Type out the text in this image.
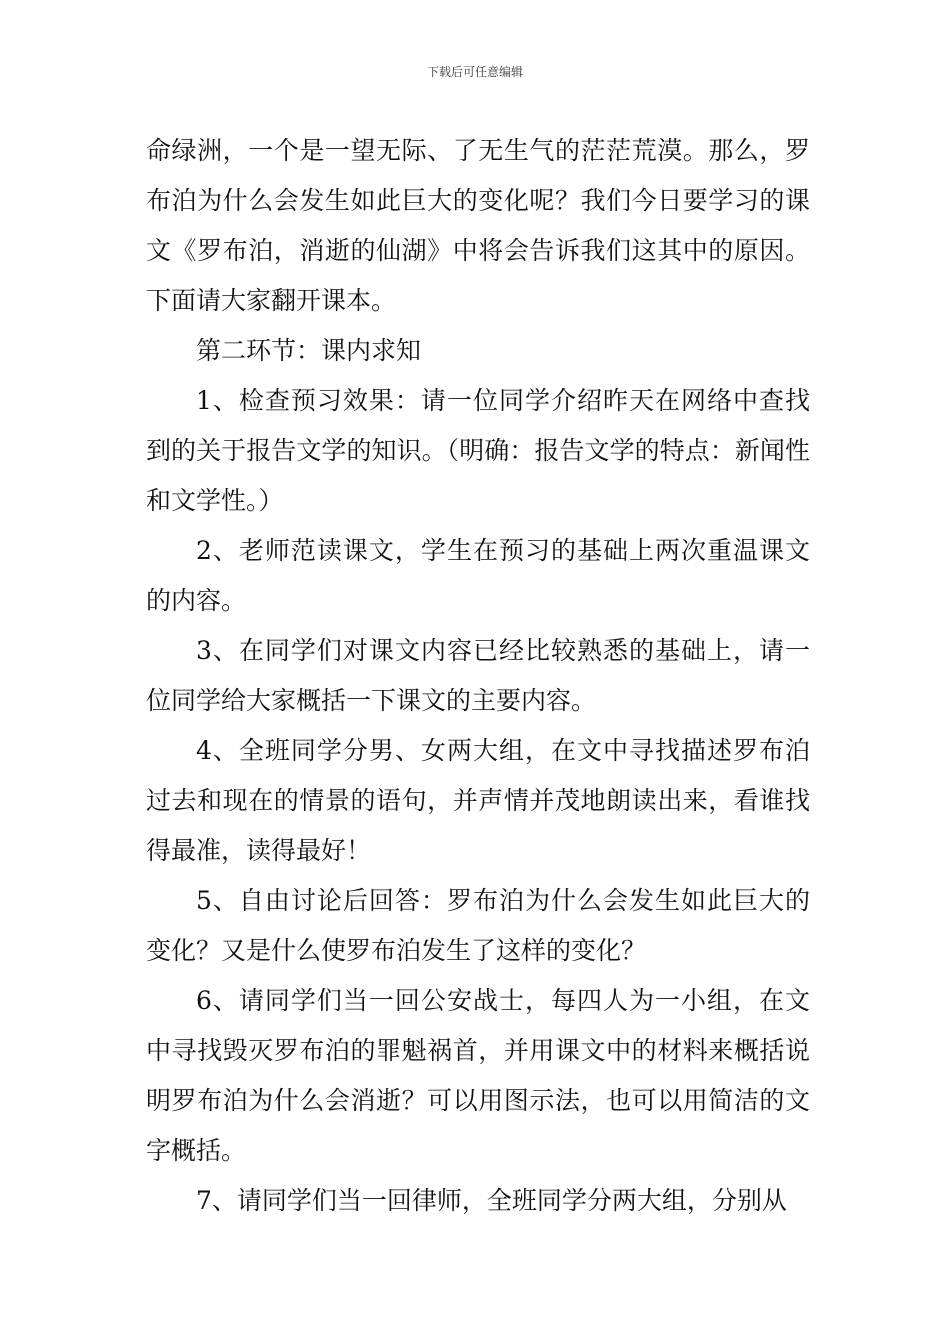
下载后可任意编辑

命绿洲，一个是一望无际、了无生气的茫茫荒漠。那么，罗布泊为什么会发生如此巨大的变化呢？我们今日要学习的课文《罗布泊，消逝的仙湖》中将会告诉我们这其中的原因。下面请大家翻开课本。

第二环节：课内求知

1、检查预习效果：请一位同学介绍昨天在网络中查找到的关于报告文学的知识。（明确：报告文学的特点：新闻性和文学性。）

2、老师范读课文，学生在预习的基础上两次重温课文的内容。

3、在同学们对课文内容已经比较熟悉的基础上，请一位同学给大家概括一下课文的主要内容。

4、全班同学分男、女两大组，在文中寻找描述罗布泊过去和现在的情景的语句，并声情并茂地朗读出来，看谁找得最准，读得最好！

5、自由讨论后回答：罗布泊为什么会发生如此巨大的变化？又是什么使罗布泊发生了这样的变化？

6、请同学们当一回公安战士，每四人为一小组，在文中寻找毁灭罗布泊的罪魁祸首，并用课文中的材料来概括说明罗布泊为什么会消逝？可以用图示法，也可以用简洁的文字概括。

7、请同学们当一回律师，全班同学分两大组，分别从
